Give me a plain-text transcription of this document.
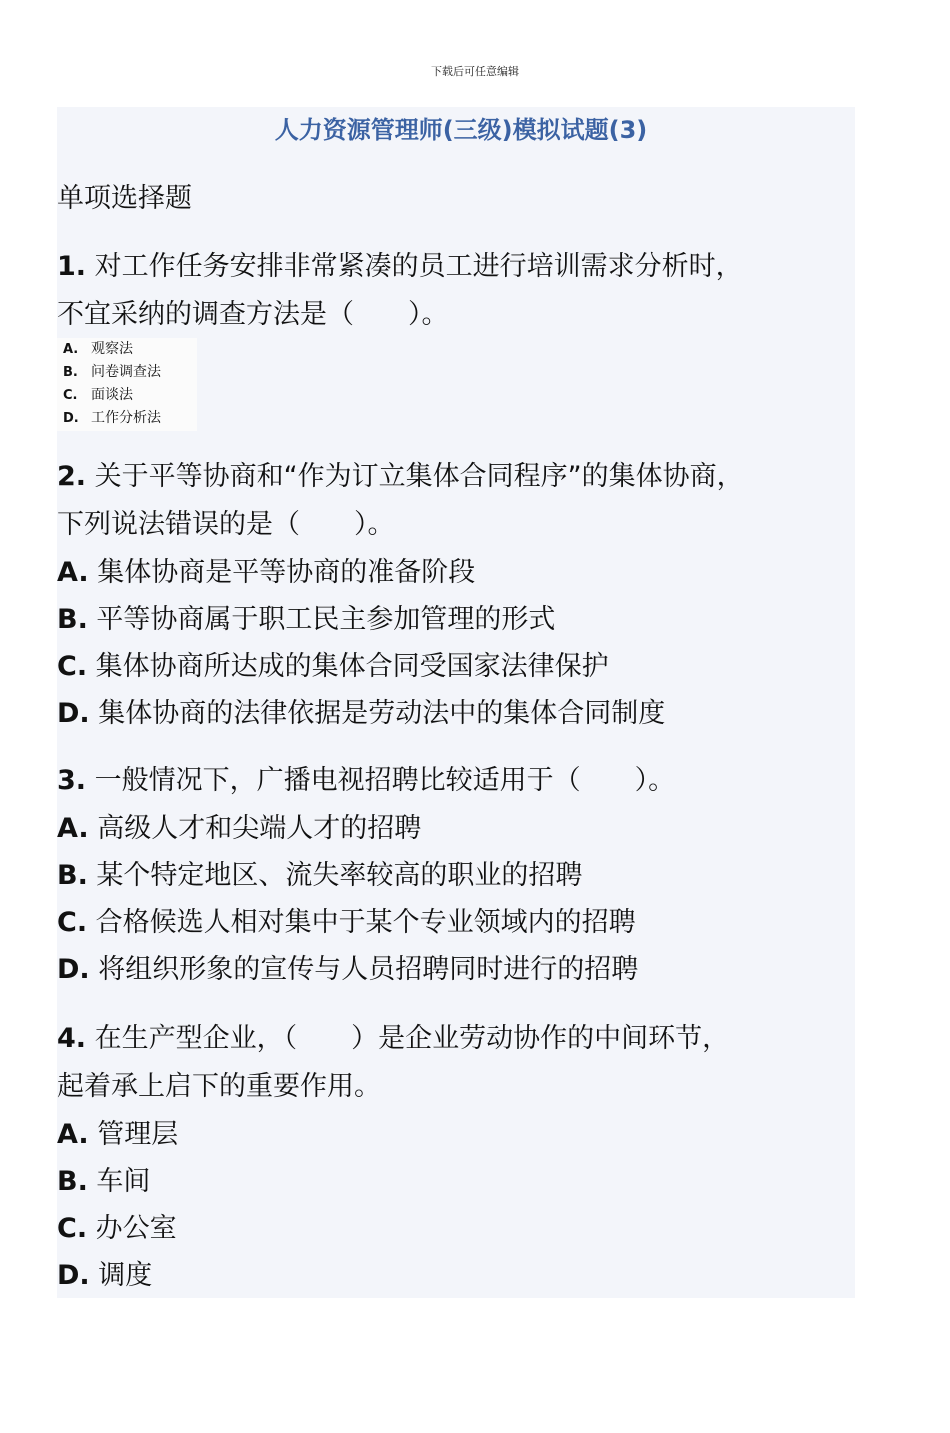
下载后可任意编辑
人力资源管理师(三级)模拟试题(3)
单项选择题
1. 对工作任务安排非常紧凑的员工进行培训需求分析时，
不宜采纳的调查方法是（　　）。
A. 观察法
B. 问卷调查法
C. 面谈法
D. 工作分析法
2. 关于平等协商和“作为订立集体合同程序”的集体协商，
下列说法错误的是（　　）。
A. 集体协商是平等协商的准备阶段
B. 平等协商属于职工民主参加管理的形式
C. 集体协商所达成的集体合同受国家法律保护
D. 集体协商的法律依据是劳动法中的集体合同制度
3. 一般情况下，广播电视招聘比较适用于（　　）。
A. 高级人才和尖端人才的招聘
B. 某个特定地区、流失率较高的职业的招聘
C. 合格候选人相对集中于某个专业领域内的招聘
D. 将组织形象的宣传与人员招聘同时进行的招聘
4. 在生产型企业，（　　）是企业劳动协作的中间环节，
起着承上启下的重要作用。
A. 管理层
B. 车间
C. 办公室
D. 调度
